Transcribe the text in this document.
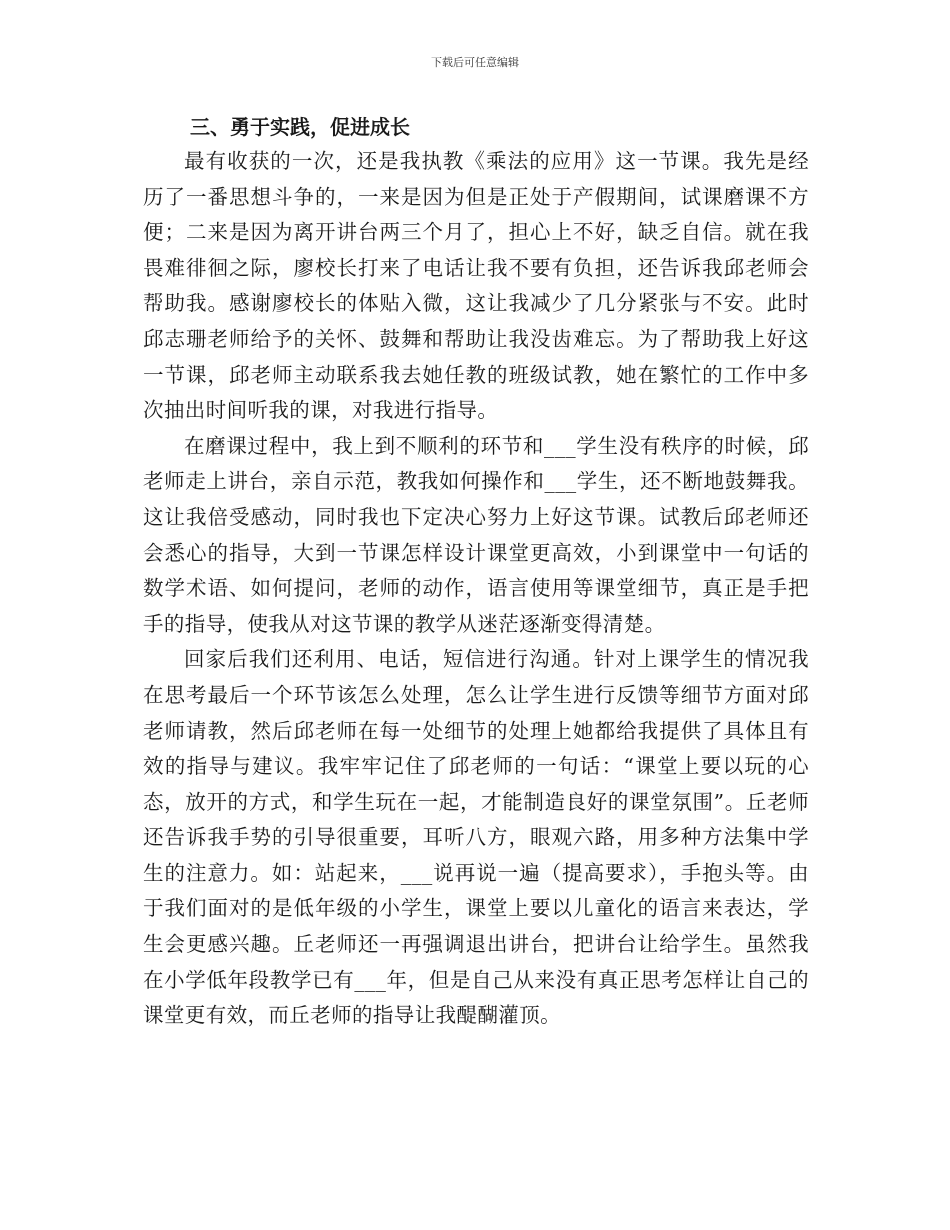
下载后可任意编辑
三、勇于实践，促进成长

最有收获的一次，还是我执教《乘法的应用》这一节课。我先是经历了一番思想斗争的，一来是因为但是正处于产假期间，试课磨课不方便；二来是因为离开讲台两三个月了，担心上不好，缺乏自信。就在我畏难徘徊之际，廖校长打来了电话让我不要有负担，还告诉我邱老师会帮助我。感谢廖校长的体贴入微，这让我减少了几分紧张与不安。此时邱志珊老师给予的关怀、鼓舞和帮助让我没齿难忘。为了帮助我上好这一节课，邱老师主动联系我去她任教的班级试教，她在繁忙的工作中多次抽出时间听我的课，对我进行指导。

在磨课过程中，我上到不顺利的环节和___学生没有秩序的时候，邱老师走上讲台，亲自示范，教我如何操作和___学生，还不断地鼓舞我。这让我倍受感动，同时我也下定决心努力上好这节课。试教后邱老师还会悉心的指导，大到一节课怎样设计课堂更高效，小到课堂中一句话的数学术语、如何提问，老师的动作，语言使用等课堂细节，真正是手把手的指导，使我从对这节课的教学从迷茫逐渐变得清楚。

回家后我们还利用、电话，短信进行沟通。针对上课学生的情况我在思考最后一个环节该怎么处理，怎么让学生进行反馈等细节方面对邱老师请教，然后邱老师在每一处细节的处理上她都给我提供了具体且有效的指导与建议。我牢牢记住了邱老师的一句话：“课堂上要以玩的心态，放开的方式，和学生玩在一起，才能制造良好的课堂氛围”。丘老师还告诉我手势的引导很重要，耳听八方，眼观六路，用多种方法集中学生的注意力。如：站起来，___说再说一遍（提高要求），手抱头等。由于我们面对的是低年级的小学生，课堂上要以儿童化的语言来表达，学生会更感兴趣。丘老师还一再强调退出讲台，把讲台让给学生。虽然我在小学低年段教学已有___年，但是自己从来没有真正思考怎样让自己的课堂更有效，而丘老师的指导让我醍醐灌顶。
